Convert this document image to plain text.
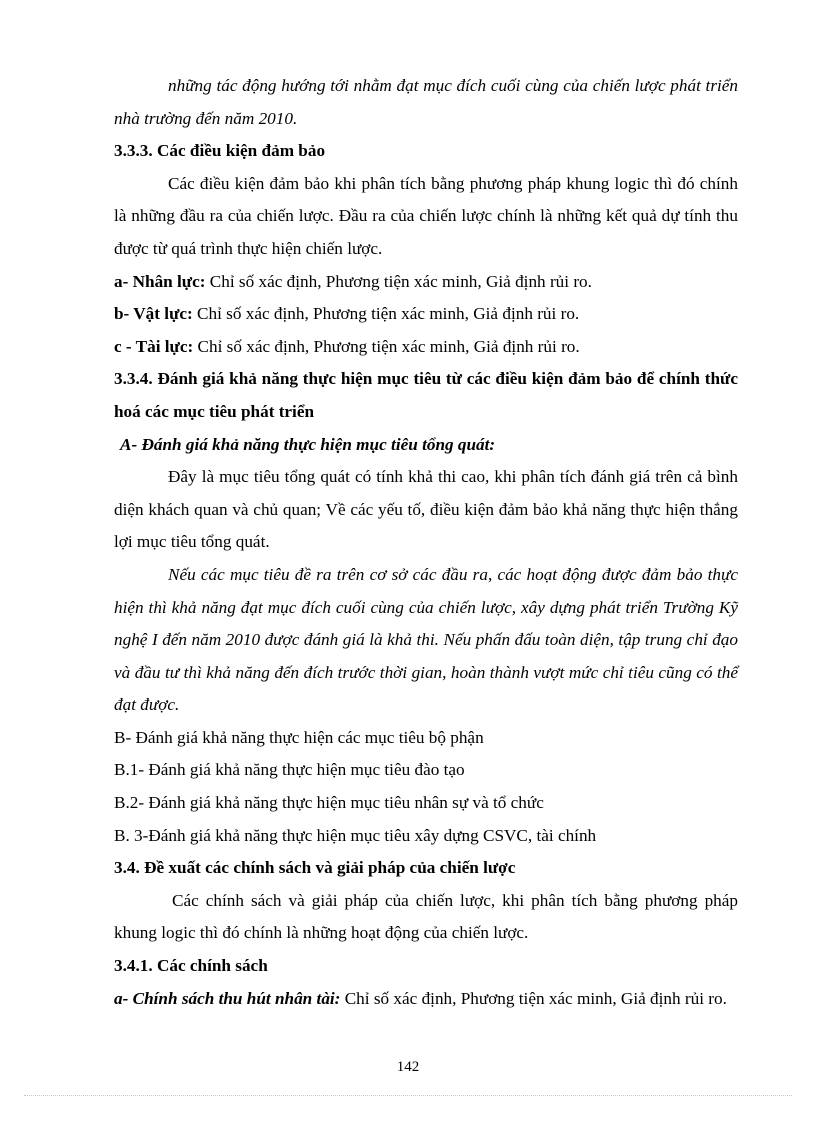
những tác động hướng tới nhằm đạt mục đích cuối cùng của chiến lược phát triển nhà trường đến năm 2010.

3.3.3. Các điều kiện đảm bảo

Các điều kiện đảm bảo khi phân tích bằng phương pháp khung logic thì đó chính là những đầu ra của chiến lược. Đầu ra của chiến lược chính là những kết quả dự tính thu được từ quá trình thực hiện chiến lược.

a- Nhân lực: Chỉ số xác định, Phương tiện xác minh, Giả định rủi ro.

b- Vật lực: Chỉ số xác định, Phương tiện xác minh, Giả định rủi ro.

c - Tài lực: Chỉ số xác định, Phương tiện xác minh, Giả định rủi ro.

3.3.4. Đánh giá khả năng thực hiện mục tiêu từ các điều kiện đảm bảo để chính thức hoá các mục tiêu phát triển

A- Đánh giá khả năng thực hiện mục tiêu tổng quát:

Đây là mục tiêu tổng quát có tính khả thi cao, khi phân tích đánh giá trên cả bình diện khách quan và chủ quan; Về các yếu tố, điều kiện đảm bảo khả năng thực hiện thắng lợi mục tiêu tổng quát.

Nếu các mục tiêu đề ra trên cơ sở các đầu ra, các hoạt động được đảm bảo thực hiện thì khả năng đạt mục đích cuối cùng của chiến lược, xây dựng phát triển Trường Kỹ nghệ I đến năm 2010 được đánh giá là khả thi. Nếu phấn đấu toàn diện, tập trung chỉ đạo và đầu tư thì khả năng đến đích trước thời gian, hoàn thành vượt mức chỉ tiêu cũng có thể đạt được.

B- Đánh giá khả năng thực hiện các mục tiêu bộ phận

B.1- Đánh giá khả năng thực hiện mục tiêu đào tạo

B.2- Đánh giá khả năng thực hiện mục tiêu nhân sự và tổ chức

B. 3-Đánh giá khả năng thực hiện mục tiêu xây dựng CSVC, tài chính

3.4. Đề xuất các chính sách và giải pháp của chiến lược

Các chính sách và giải pháp của chiến lược, khi phân tích bằng phương pháp khung logic thì đó chính là những hoạt động của chiến lược.

3.4.1. Các chính sách

a- Chính sách thu hút nhân tài: Chỉ số xác định, Phương tiện xác minh, Giả định rủi ro.

142
